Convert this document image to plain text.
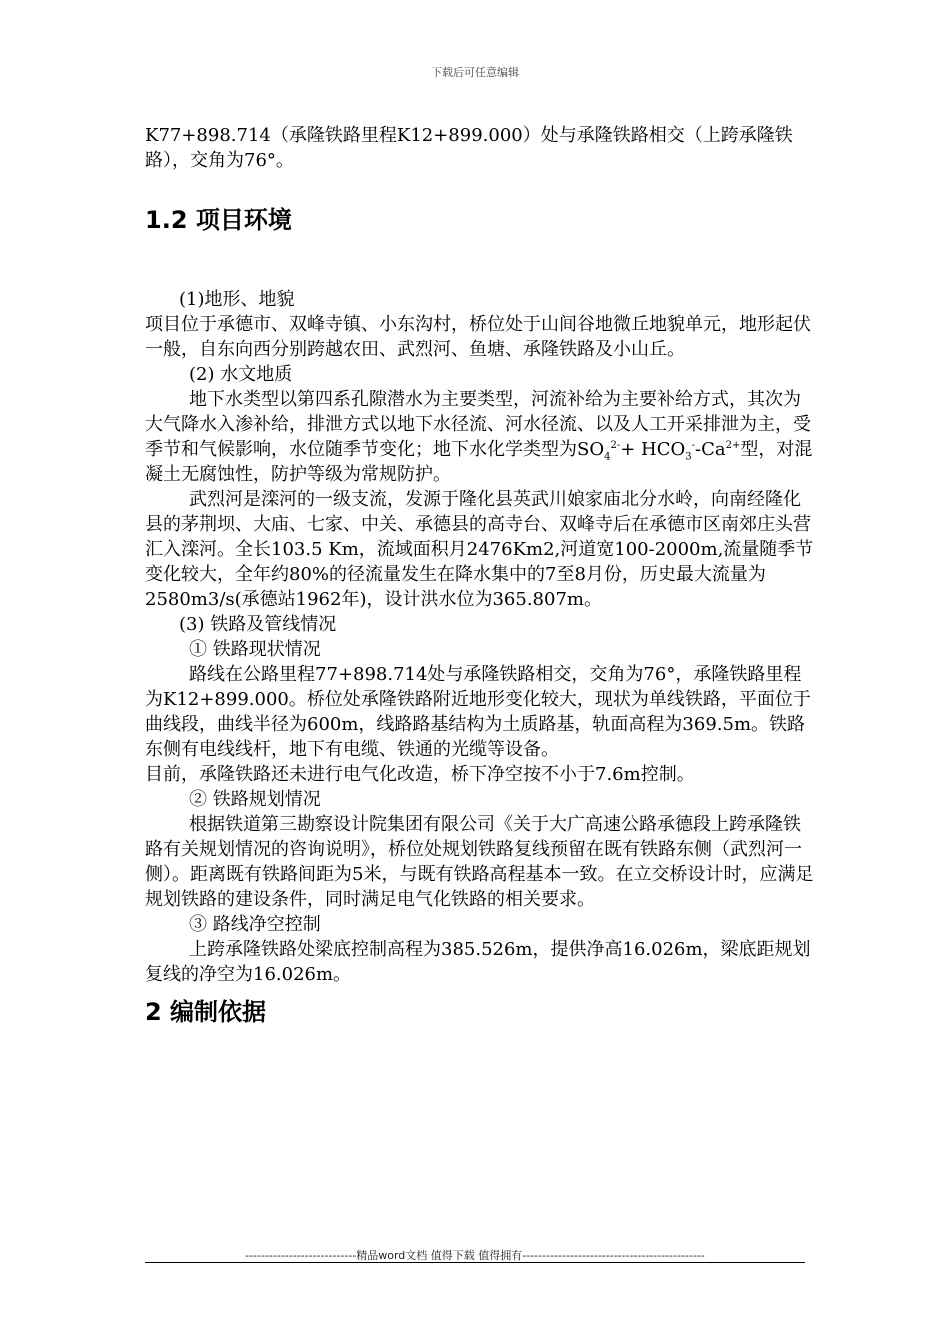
下载后可任意编辑

K77+898.714（承隆铁路里程K12+899.000）处与承隆铁路相交（上跨承隆铁路），交角为76°。

1.2 项目环境

(1)地形、地貌

项目位于承德市、双峰寺镇、小东沟村，桥位处于山间谷地微丘地貌单元，地形起伏一般，自东向西分别跨越农田、武烈河、鱼塘、承隆铁路及小山丘。

(2) 水文地质

地下水类型以第四系孔隙潜水为主要类型，河流补给为主要补给方式，其次为大气降水入渗补给，排泄方式以地下水径流、河水径流、以及人工开采排泄为主，受季节和气候影响，水位随季节变化；地下水化学类型为$SO_4^{2-}+ HCO_3^--Ca^{2+}$型，对混凝土无腐蚀性，防护等级为常规防护。

武烈河是滦河的一级支流，发源于隆化县英武川娘家庙北分水岭，向南经隆化县的茅荆坝、大庙、七家、中关、承德县的高寺台、双峰寺后在承德市区南郊庄头营汇入滦河。全长103.5 Km，流域面积月2476Km2,河道宽100-2000m,流量随季节变化较大，全年约80%的径流量发生在降水集中的7至8月份，历史最大流量为2580m3/s(承德站1962年)，设计洪水位为365.807m。

(3) 铁路及管线情况

① 铁路现状情况

路线在公路里程77+898.714处与承隆铁路相交，交角为76°，承隆铁路里程为K12+899.000。桥位处承隆铁路附近地形变化较大，现状为单线铁路，平面位于曲线段，曲线半径为600m，线路路基结构为土质路基，轨面高程为369.5m。铁路东侧有电线线杆，地下有电缆、铁通的光缆等设备。

目前，承隆铁路还未进行电气化改造，桥下净空按不小于7.6m控制。

② 铁路规划情况

根据铁道第三勘察设计院集团有限公司《关于大广高速公路承德段上跨承隆铁路有关规划情况的咨询说明》，桥位处规划铁路复线预留在既有铁路东侧（武烈河一侧）。距离既有铁路间距为5米，与既有铁路高程基本一致。在立交桥设计时，应满足规划铁路的建设条件，同时满足电气化铁路的相关要求。

③ 路线净空控制

上跨承隆铁路处梁底控制高程为385.526m，提供净高16.026m，梁底距规划复线的净空为16.026m。

2 编制依据
----------------------------精品word文档 值得下载 值得拥有----------------------------------------------
